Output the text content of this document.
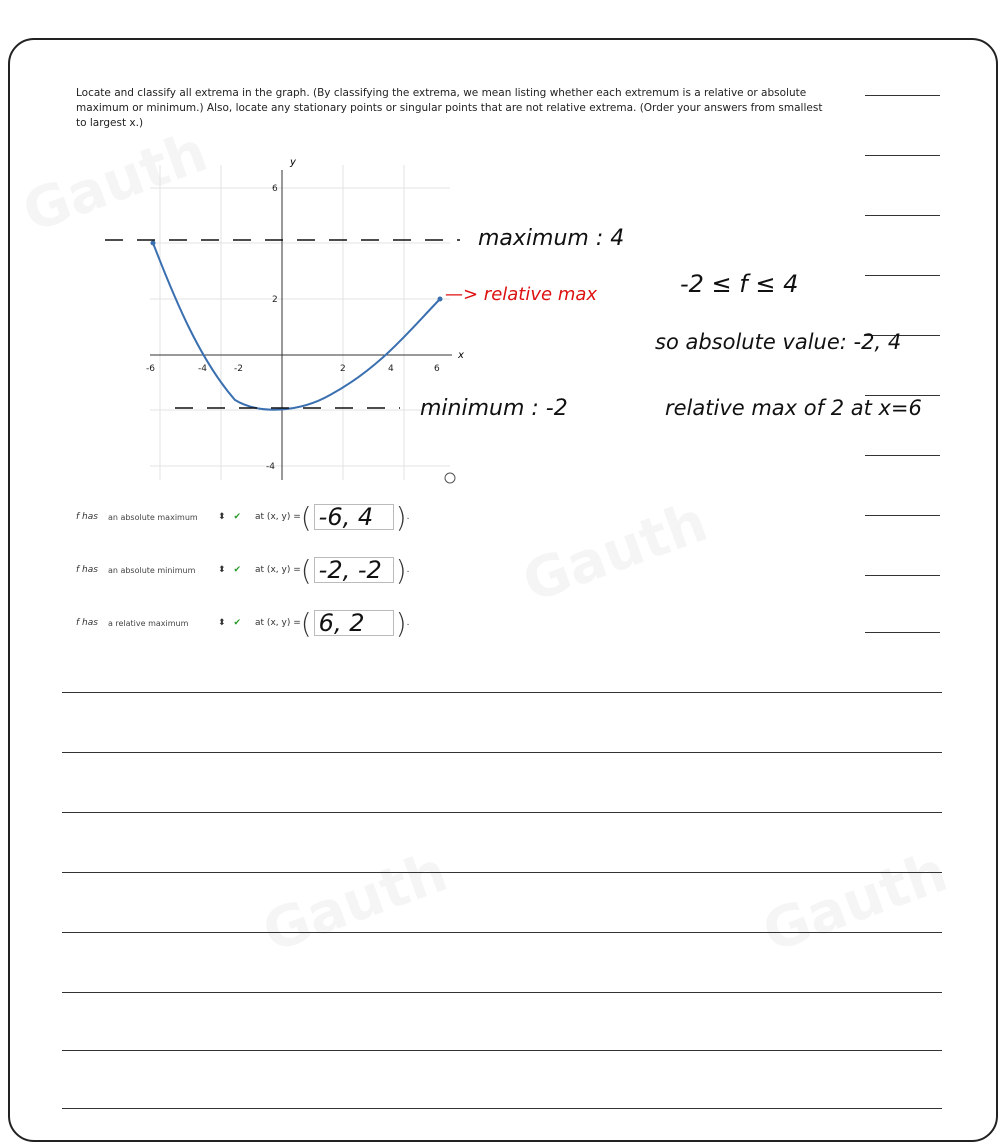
Locate and classify all extrema in the graph. (By classifying the extrema, we mean listing whether each extremum is a relative or absolute maximum or minimum.) Also, locate any stationary points or singular points that are not relative extrema. (Order your answers from smallest to largest x.)
y
x
-6	-4	-2	2	4	6
6
2
-4
maximum : 4
—> relative max
minimum : -2
-2 ≤ f ≤ 4
so absolute value: -2, 4
relative max of 2 at x=6
f has an absolute maximum	⬍ ✔ at (x, y) = ( -6, 4 ) .
f has an absolute minimum	⬍ ✔ at (x, y) = ( -2, -2 ) .
f has a relative maximum	⬍ ✔ at (x, y) = ( 6, 2	) .
